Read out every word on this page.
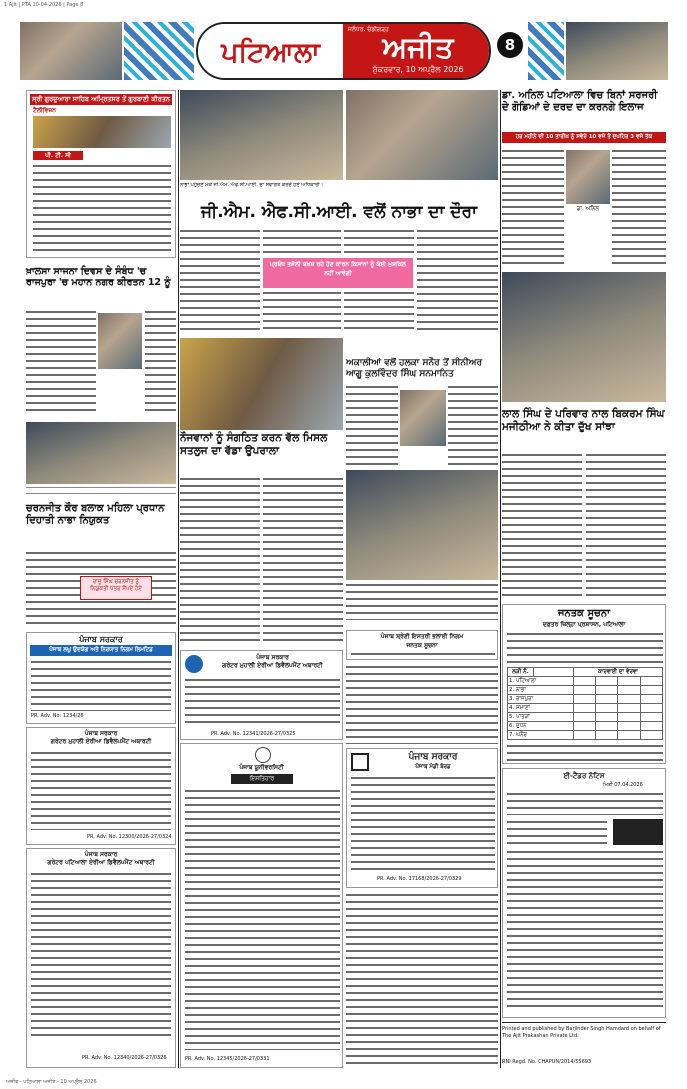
1 Ajit | PTA 10-04-2026 | Page 8
ਪਟਿਆਲਾ	ਅਜੀਤ
ਜਲੰਧਰ, ਚੰਡੀਗੜ੍ਹ
ਸ਼ੁੱਕਰਵਾਰ, 10 ਅਪ੍ਰੈਲ 2026
8
ਸ੍ਰੀ ਗੁਰਦੁਆਰਾ ਸਾਹਿਬ ਅਮ੍ਰਿਤਸਰ ਤੋਂ ਗੁਰਬਾਣੀ ਕੀਰਤਨ
ਟੈਲੀਵਿਜ਼ਨ
ਪੀ. ਟੀ. ਸੀ
ਖ਼ਾਲਸਾ ਸਾਜਨਾ ਦਿਵਸ ਦੇ ਸੰਬੰਧ 'ਚ ਰਾਜਪੁਰਾ 'ਚ ਮਹਾਨ ਨਗਰ ਕੀਰਤਨ 12 ਨੂੰ
ਚਰਨਜੀਤ ਕੌਰ ਬਲਾਕ ਮਹਿਲਾ ਪ੍ਰਧਾਨ ਦਿਹਾਤੀ ਨਾਭਾ ਨਿਯੁਕਤ
ਰਾਜੂ ਸਿੰਘ ਚਰਨਜੀਤ ਨੂੰ ਨਿਯੁਕਤੀ ਪੱਤਰ ਸੌਂਪਦੇ ਹੋਏ
ਪੰਜਾਬ ਸਰਕਾਰ
ਪੰਜਾਬ ਲਘੂ ਉਦਯੋਗ ਅਤੇ ਨਿਰਯਾਤ ਨਿਗਮ ਲਿਮਟਿਡ
PR. Adv. No: 1234/26
ਪੰਜਾਬ ਸਰਕਾਰ
ਗਰੇਟਰ ਮੁਹਾਲੀ ਏਰੀਆ ਡਿਵੈਲਪਮੈਂਟ ਅਥਾਰਟੀ
PR. Adv. No. 12300/2026-27/0324
ਪੰਜਾਬ ਸਰਕਾਰ
ਗਰੇਟਰ ਪਟਿਆਲਾ ਏਰੀਆ ਡਿਵੈਲਪਮੈਂਟ ਅਥਾਰਟੀ
PR. Adv. No. 12340/2026-27/0326
ਨਾਭਾ ਪਹੁੰਚਣ ਮੌਕੇ ਜੀ.ਐਮ. ਐਫ.ਸੀ.ਆਈ. ਦਾ ਸਵਾਗਤ ਕਰਦੇ ਹੋਏ ਅਧਿਕਾਰੀ।
ਜੀ.ਐਮ. ਐਫ.ਸੀ.ਆਈ. ਵਲੋਂ ਨਾਭਾ ਦਾ ਦੌਰਾ
ਪ੍ਰਬੰਧ ਤਸੱਲੀ ਬਖ਼ਸ਼ ਰਹੇ ਹੋਣ ਕਾਰਨ ਕਿਸਾਨਾਂ ਨੂੰ ਕੋਈ ਮੁਸ਼ਕਿਲ ਨਹੀਂ ਆਵੇਗੀ
ਨੌਜਵਾਨਾਂ ਨੂੰ ਸੰਗਠਿਤ ਕਰਨ ਵੱਲ ਮਿਸਲ ਸਤਲੁਜ ਦਾ ਵੱਡਾ ਉਪਰਾਲਾ
ਅਕਾਲੀਆਂ ਵਲੋਂ ਹਲਕਾ ਸਨੌਰ ਤੋਂ ਸੀਨੀਅਰ ਆਗੂ ਕੁਲਵਿੰਦਰ ਸਿੰਘ ਸਨਮਾਨਿਤ
ਪੰਜਾਬ ਸਰਕਾਰ
ਗਰੇਟਰ ਮੁਹਾਲੀ ਏਰੀਆ ਡਿਵੈਲਪਮੈਂਟ ਅਥਾਰਟੀ
PR. Adv. No. 12341/2026-27/0325
ਪੰਜਾਬ ਯੂਨੀਵਰਸਿਟੀ
ਇਸ਼ਤਿਹਾਰ
PR. Adv. No. 12345/2026-27/0331
ਪੰਜਾਬ ਸ਼੍ਰੇਣੀ ਇਸਤਰੀ ਭਲਾਈ ਨਿਗਮ
ਜਨਤਕ ਸੂਚਨਾ
ਪੰਜਾਬ ਸਰਕਾਰ
ਪੰਜਾਬ ਮੰਡੀ ਬੋਰਡ
PR. Adv. No. 17168/2026-27/0329
ਡਾ. ਅਨਿਲ ਪਟਿਆਲਾ ਵਿਚ ਬਿਨਾਂ ਸਰਜਰੀ ਦੇ ਗੋਡਿਆਂ ਦੇ ਦਰਦ ਦਾ ਕਰਨਗੇ ਇਲਾਜ
ਹਰ ਮਹੀਨੇ ਦੀ 10 ਤਾਰੀਖ਼ ਨੂੰ ਸਵੇਰੇ 10 ਵਜੇ ਤੋਂ ਦੁਪਹਿਰ 3 ਵਜੇ ਤੱਕ
ਡਾ. ਅਨਿਲ
ਲਾਲ ਸਿੰਘ ਦੇ ਪਰਿਵਾਰ ਨਾਲ ਬਿਕਰਮ ਸਿੰਘ ਮਜੀਠੀਆ ਨੇ ਕੀਤਾ ਦੁੱਖ ਸਾਂਝਾ
ਦਫ਼ਤਰ ਜ਼ਿਲ੍ਹਾ ਪ੍ਰਸ਼ਾਸਨ, ਪਟਿਆਲਾ
ਜਨਤਕ ਸੂਚਨਾ
ਲੜੀ ਨੰ.		ਕਾਰਵਾਈ ਦਾ ਵੇਰਵਾ			
1. ਪਟਿਆਲਾ					
2. ਨਾਭਾ					
3. ਰਾਜਪੁਰਾ					
4. ਸਮਾਣਾ					
5. ਪਾਤੜਾਂ					
6. ਦੁਧਨ					
7. ਘਨੌਰ					
ਈ-ਟੈਂਡਰ ਨੋਟਿਸ
ਮਿਤੀ 07.04.2026
Printed and published by Barjinder Singh Hamdard on behalf of The Ajit Prakashan Private Ltd.
RNI Regd. No. CHAPUN/2014/55693
ਅਜੀਤ - ਪਟਿਆਲਾ ਅਜੀਤ - 10 ਅਪ੍ਰੈਲ 2026
